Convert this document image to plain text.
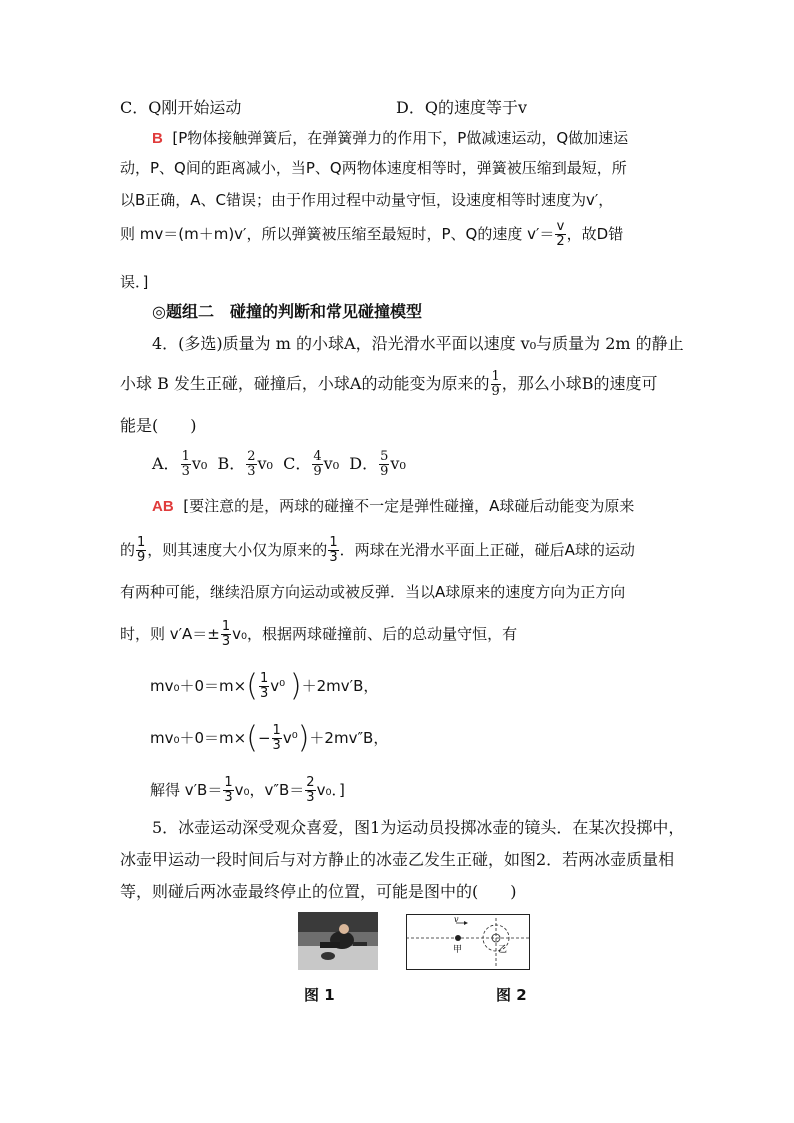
C．Q刚开始运动	D．Q的速度等于v
B [P物体接触弹簧后，在弹簧弹力的作用下，P做减速运动，Q做加速运
动，P、Q间的距离减小，当P、Q两物体速度相等时，弹簧被压缩到最短，所
以B正确，A、C错误；由于作用过程中动量守恒，设速度相等时速度为v′，
则 mv＝(m＋m)v′，所以弹簧被压缩至最短时，P、Q的速度 $v'= \frac{v}{2}$ ，故D错
误．]
◎题组二　碰撞的判断和常见碰撞模型
4．(多选)质量为 m 的小球A，沿光滑水平面以速度 v₀与质量为 2m 的静止
小球 B 发生正碰，碰撞后，小球A的动能变为原来的 $\frac{1}{9}$ ，那么小球B的速度可
能是(　　)
A． $\frac{1}{3} v_0$ B． $\frac{2}{3} v_0$ C． $\frac{4}{9} v_0$ D． $\frac{5}{9} v_0$
AB [要注意的是，两球的碰撞不一定是弹性碰撞，A球碰后动能变为原来
的 $\frac{1}{9}$ ，则其速度大小仅为原来的 $\frac{1}{3}$ ．两球在光滑水平面上正碰，碰后A球的运动
有两种可能，继续沿原方向运动或被反弹．当以A球原来的速度方向为正方向
时，则 $v'A=\pm \frac{1}{3} v_0$，根据两球碰撞前、后的总动量守恒，有
$mv_0+0=m\times( \frac{1}{3} v^0$ )＋2mv′B，
$mv_0+0=m\times(- \frac{1}{3} v^0)+2mv''B$，
解得 $v'B= \frac{1}{3} v_0$，$v''B= \frac{2}{3} v_0$．]
5．冰壶运动深受观众喜爱，图1为运动员投掷冰壶的镜头．在某次投掷中，
冰壶甲运动一段时间后与对方静止的冰壶乙发生正碰，如图2．若两冰壶质量相
等，则碰后两冰壶最终停止的位置，可能是图中的(　　)
图 1
v
甲	乙
图 2
